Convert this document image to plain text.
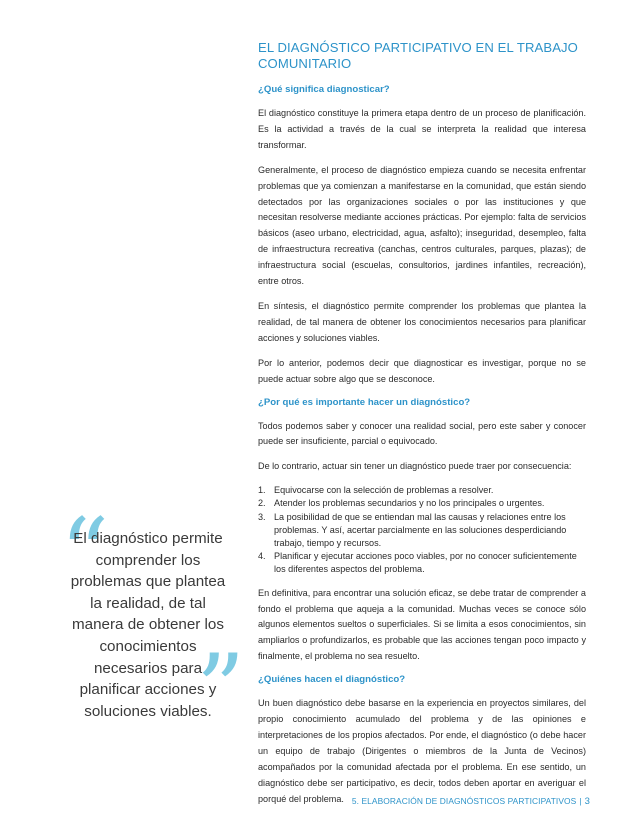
“

El diagnóstico permite comprender los problemas que plantea la realidad, de tal manera de obtener los conocimientos necesarios para planificar acciones y soluciones viables.

”
EL DIAGNÓSTICO PARTICIPATIVO EN EL TRABAJO COMUNITARIO
¿Qué significa diagnosticar?

El diagnóstico constituye la primera etapa dentro de un proceso de planificación. Es la actividad a través de la cual se interpreta la realidad que interesa transformar.

Generalmente, el proceso de diagnóstico empieza cuando se necesita enfrentar problemas que ya comienzan a manifestarse en la comunidad, que están siendo detectados por las organizaciones sociales o por las instituciones y que necesitan resolverse mediante acciones prácticas. Por ejemplo: falta de servicios básicos (aseo urbano, electricidad, agua, asfalto); inseguridad, desempleo, falta de infraestructura recreativa (canchas, centros culturales, parques, plazas); de infraestructura social (escuelas, consultorios, jardines infantiles, recreación), entre otros.

En síntesis, el diagnóstico permite comprender los problemas que plantea la realidad, de tal manera de obtener los conocimientos necesarios para planificar acciones y soluciones viables.

Por lo anterior, podemos decir que diagnosticar es investigar, porque no se puede actuar sobre algo que se desconoce.

¿Por qué es importante hacer un diagnóstico?

Todos podemos saber y conocer una realidad social, pero este saber y conocer puede ser insuficiente, parcial o equivocado.

De lo contrario, actuar sin tener un diagnóstico puede traer por consecuencia:

1. Equivocarse con la selección de problemas a resolver.
2. Atender los problemas secundarios y no los principales o urgentes.
3. La posibilidad de que se entiendan mal las causas y relaciones entre los problemas. Y así, acertar parcialmente en las soluciones desperdiciando trabajo, tiempo y recursos.
4. Planificar y ejecutar acciones poco viables, por no conocer suficientemente los diferentes aspectos del problema.

En definitiva, para encontrar una solución eficaz, se debe tratar de comprender a fondo el problema que aqueja a la comunidad. Muchas veces se conoce sólo algunos elementos sueltos o superficiales. Si se limita a esos conocimientos, sin ampliarlos o profundizarlos, es probable que las acciones tengan poco impacto y finalmente, el problema no sea resuelto.

¿Quiénes hacen el diagnóstico?

Un buen diagnóstico debe basarse en la experiencia en proyectos similares, del propio conocimiento acumulado del problema y de las opiniones e interpretaciones de los propios afectados. Por ende, el diagnóstico (o debe hacer un equipo de trabajo (Dirigentes o miembros de la Junta de Vecinos) acompañados por la comunidad afectada por el problema. En ese sentido, un diagnóstico debe ser participativo, es decir, todos deben aportar en averiguar el porqué del problema. 5. ELABORACIÓN DE DIAGNÓSTICOS PARTICIPATIVOS | 3
